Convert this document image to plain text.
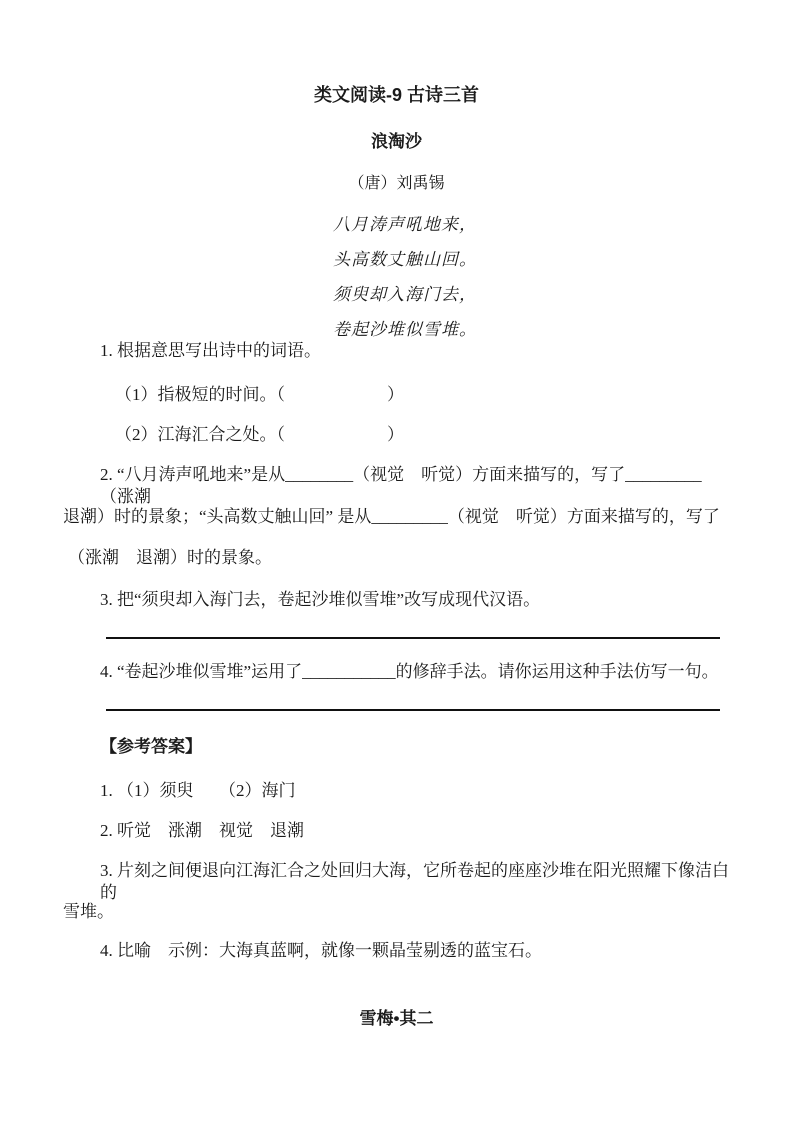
类文阅读-9 古诗三首
浪淘沙
（唐）刘禹锡
八月涛声吼地来，
头高数丈触山回。
须臾却入海门去，
卷起沙堆似雪堆。
1. 根据意思写出诗中的词语。
（1）指极短的时间。（　　　　　　）
（2）江海汇合之处。（　　　　　　）
2. “八月涛声吼地来”是从________（视觉　听觉）方面来描写的，写了_________（涨潮
退潮）时的景象；“头高数丈触山回” 是从_________（视觉　听觉）方面来描写的，写了
（涨潮　退潮）时的景象。
3. 把“须臾却入海门去，卷起沙堆似雪堆”改写成现代汉语。
4. “卷起沙堆似雪堆”运用了___________的修辞手法。请你运用这种手法仿写一句。
【参考答案】
1. （1）须臾　　（2）海门
2. 听觉　涨潮　视觉　退潮
3. 片刻之间便退向江海汇合之处回归大海，它所卷起的座座沙堆在阳光照耀下像洁白的
雪堆。
4. 比喻　示例：大海真蓝啊，就像一颗晶莹剔透的蓝宝石。
雪梅•其二
